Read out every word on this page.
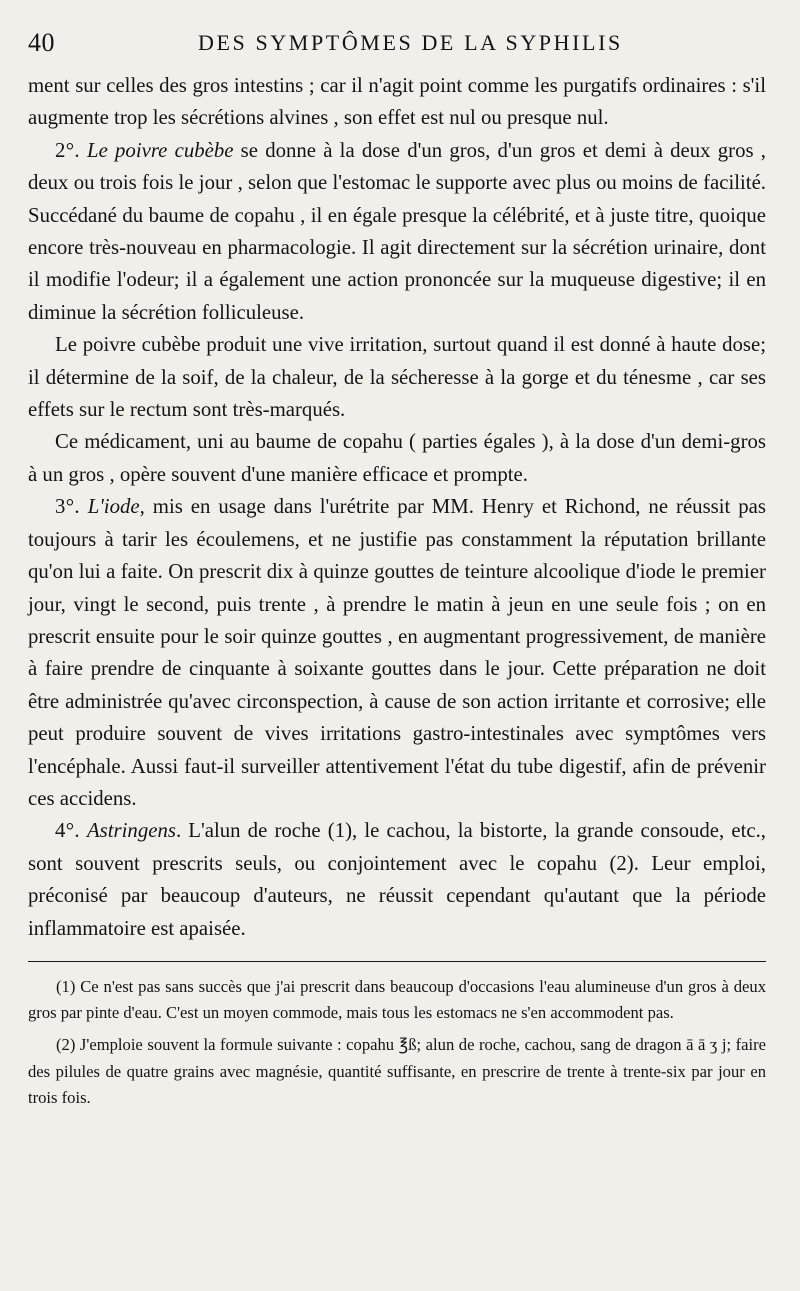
40	DES SYMPTÔMES DE LA SYPHILIS

ment sur celles des gros intestins ; car il n'agit point comme les purgatifs ordinaires : s'il augmente trop les sécrétions alvines , son effet est nul ou presque nul.

2°. Le poivre cubèbe se donne à la dose d'un gros, d'un gros et demi à deux gros , deux ou trois fois le jour , selon que l'estomac le supporte avec plus ou moins de facilité. Succédané du baume de copahu , il en égale presque la célébrité, et à juste titre, quoique encore très-nouveau en pharmacologie. Il agit directement sur la sécrétion urinaire, dont il modifie l'odeur; il a également une action prononcée sur la muqueuse digestive; il en diminue la sécrétion folliculeuse.

Le poivre cubèbe produit une vive irritation, surtout quand il est donné à haute dose; il détermine de la soif, de la chaleur, de la sécheresse à la gorge et du ténesme , car ses effets sur le rectum sont très-marqués.

Ce médicament, uni au baume de copahu ( parties égales ), à la dose d'un demi-gros à un gros , opère souvent d'une manière efficace et prompte.

3°. L'iode, mis en usage dans l'urétrite par MM. Henry et Richond, ne réussit pas toujours à tarir les écoulemens, et ne justifie pas constamment la réputation brillante qu'on lui a faite. On prescrit dix à quinze gouttes de teinture alcoolique d'iode le premier jour, vingt le second, puis trente , à prendre le matin à jeun en une seule fois ; on en prescrit ensuite pour le soir quinze gouttes , en augmentant progressivement, de manière à faire prendre de cinquante à soixante gouttes dans le jour. Cette préparation ne doit être administrée qu'avec circonspection, à cause de son action irritante et corrosive; elle peut produire souvent de vives irritations gastro-intestinales avec symptômes vers l'encéphale. Aussi faut-il surveiller attentivement l'état du tube digestif, afin de prévenir ces accidens.

4°. Astringens. L'alun de roche (1), le cachou, la bistorte, la grande consoude, etc., sont souvent prescrits seuls, ou conjointement avec le copahu (2). Leur emploi, préconisé par beaucoup d'auteurs, ne réussit cependant qu'autant que la période inflammatoire est apaisée.

(1) Ce n'est pas sans succès que j'ai prescrit dans beaucoup d'occasions l'eau alumineuse d'un gros à deux gros par pinte d'eau. C'est un moyen commode, mais tous les estomacs ne s'en accommodent pas.

(2) J'emploie souvent la formule suivante : copahu ℥ß; alun de roche, cachou, sang de dragon ā ā ʒ j; faire des pilules de quatre grains avec magnésie, quantité suffisante, en prescrire de trente à trente-six par jour en trois fois.
